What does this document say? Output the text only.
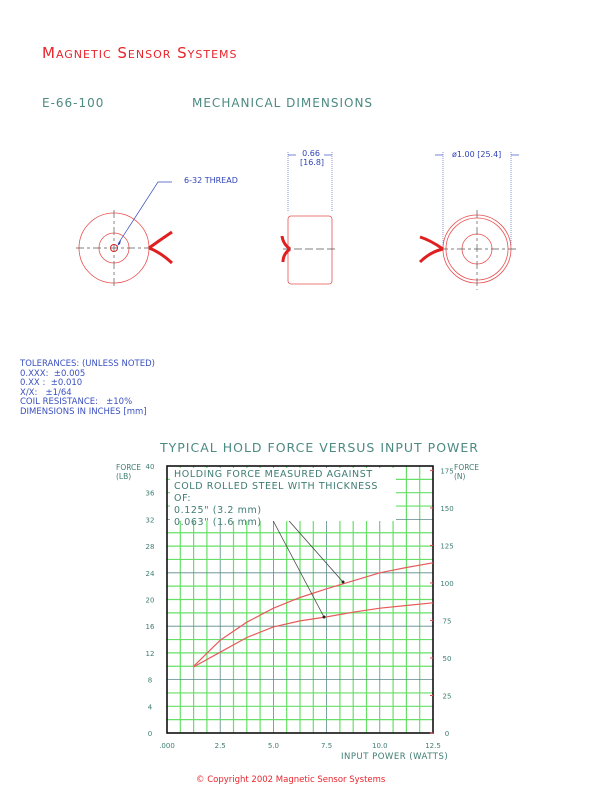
Magnetic Sensor Systems
E-66-100	MECHANICAL DIMENSIONS
6-32 THREAD
0.66
[16.8]
ø1.00 [25.4]
TOLERANCES: (UNLESS NOTED)
0.XXX:  ±0.005
0.XX :  ±0.010
X/X:   ±1/64
COIL RESISTANCE:   ±10%
DIMENSIONS IN INCHES [mm]
TYPICAL HOLD FORCE VERSUS INPUT POWER
FORCE
(LB)
FORCE
(N)
0
4
8
12
16
20
24
28
32
36
40
0
25
50
75
100
125
150
175
.000	2.5	5.0	7.5	10.0	12.5
HOLDING FORCE MEASURED AGAINST
COLD ROLLED STEEL WITH THICKNESS OF:
0.125" (3.2 mm)
0.063" (1.6 mm)
INPUT POWER (WATTS)
© Copyright 2002 Magnetic Sensor Systems
